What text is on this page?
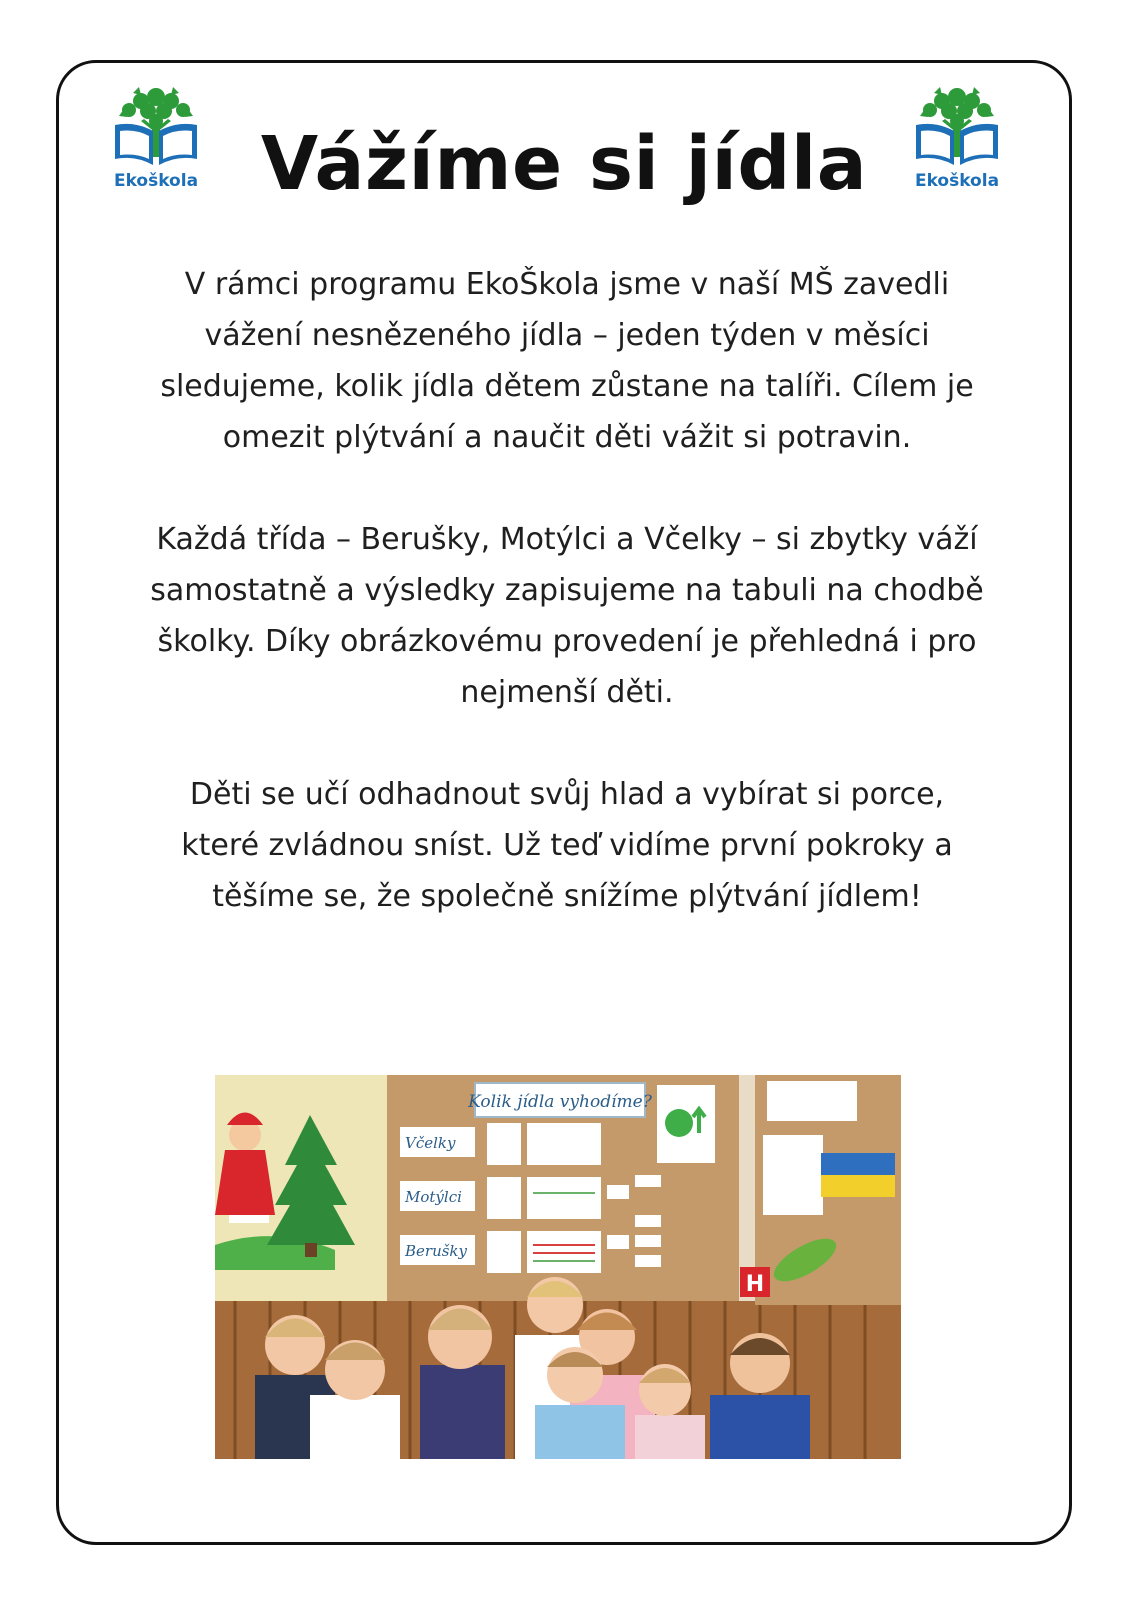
Ekoškola	Ekoškola
Vážíme si jídla

V rámci programu EkoŠkola jsme v naší MŠ zavedli vážení nesnězeného jídla – jeden týden v měsíci sledujeme, kolik jídla dětem zůstane na talíři. Cílem je omezit plýtvání a naučit děti vážit si potravin.

Každá třída – Berušky, Motýlci a Včelky – si zbytky váží samostatně a výsledky zapisujeme na tabuli na chodbě školky. Díky obrázkovému provedení je přehledná i pro nejmenší děti.

Děti se učí odhadnout svůj hlad a vybírat si porce, které zvládnou sníst. Už teď vidíme první pokroky a těšíme se, že společně snížíme plýtvání jídlem!

Kolik jídla vyhodíme?
Včelky
Motýlci
Berušky
H
